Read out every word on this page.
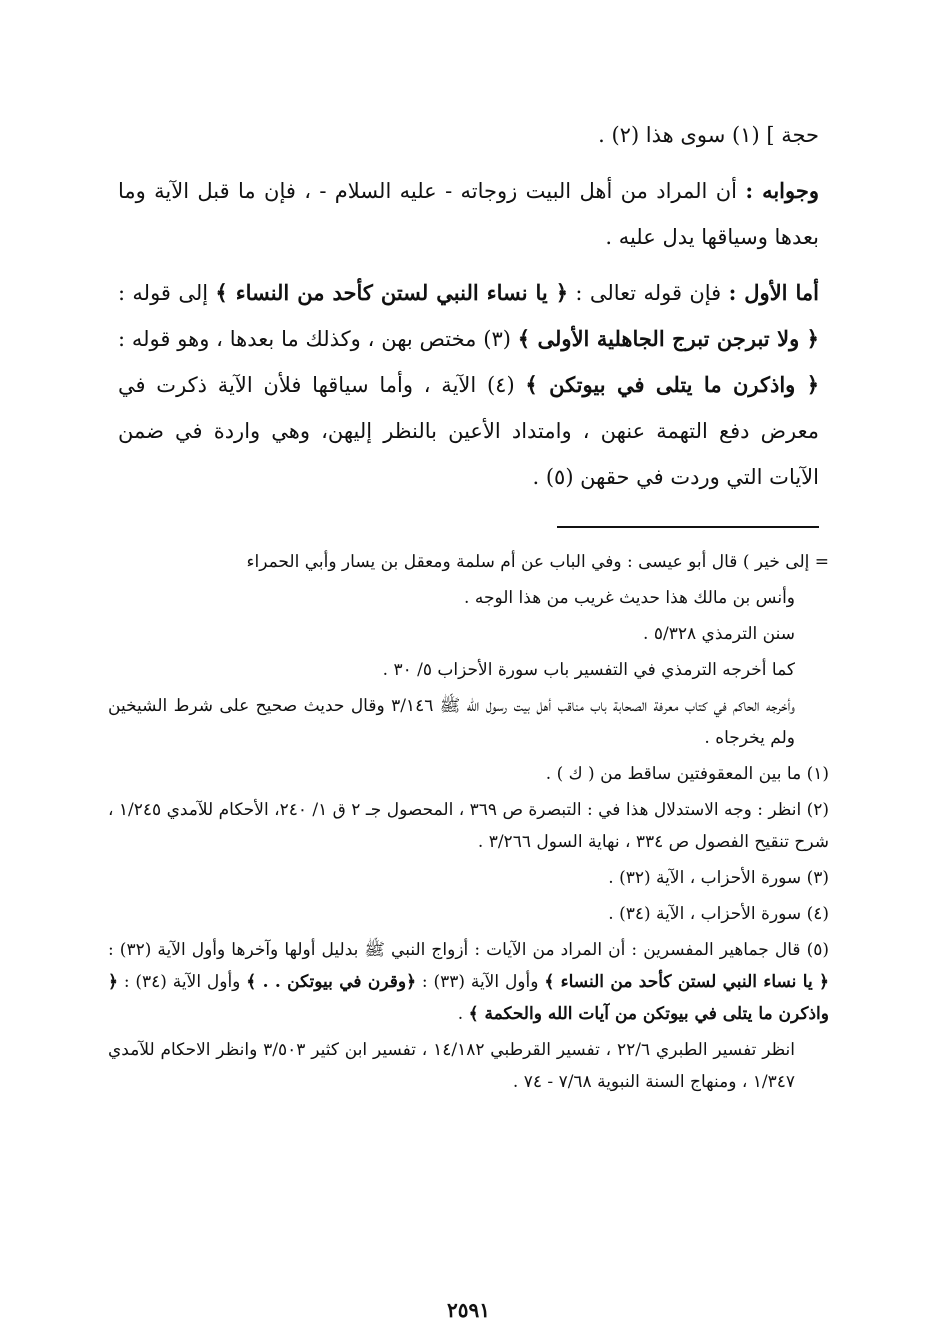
حجة ] (١) سوى هذا (٢) .

وجوابه : أن المراد من أهل البيت زوجاته - عليه السلام - ، فإن ما قبل الآية وما بعدها وسياقها يدل عليه .

أما الأول : فإن قوله تعالى : ﴿ يا نساء النبي لستن كأحد من النساء ﴾ إلى قوله : ﴿ ولا تبرجن تبرج الجاهلية الأولى ﴾ (٣) مختص بهن ، وكذلك ما بعدها ، وهو قوله : ﴿ واذكرن ما يتلى في بيوتكن ﴾ (٤) الآية ، وأما سياقها فلأن الآية ذكرت في معرض دفع التهمة عنهن ، وامتداد الأعين بالنظر إليهن، وهي واردة في ضمن الآيات التي وردت في حقهن (٥) .

= إلى خير ) قال أبو عيسى : وفي الباب عن أم سلمة ومعقل بن يسار وأبي الحمراء

وأنس بن مالك هذا حديث غريب من هذا الوجه .

سنن الترمذي ٥/٣٢٨ .

كما أخرجه الترمذي في التفسير باب سورة الأحزاب ٥/ ٣٠ .

وأخرجه الحاكم في كتاب معرفة الصحابة باب مناقب أهل بيت رسول الله ﷺ ٣/١٤٦ وقال حديث صحيح على شرط الشيخين ولم يخرجاه .

(١) ما بين المعقوفتين ساقط من ( ك ) .

(٢) انظر : وجه الاستدلال هذا في : التبصرة ص ٣٦٩ ، المحصول جـ ٢ ق ١/ ٢٤٠، الأحكام للآمدي ١/٢٤٥ ، شرح تنقيح الفصول ص ٣٣٤ ، نهاية السول ٣/٢٦٦ .

(٣) سورة الأحزاب ، الآية (٣٢) .

(٤) سورة الأحزاب ، الآية (٣٤) .

(٥) قال جماهير المفسرين : أن المراد من الآيات : أزواج النبي ﷺ بدليل أولها وآخرها وأول الآية (٣٢) : ﴿ يا نساء النبي لستن كأحد من النساء ﴾ وأول الآية (٣٣) : ﴿وقرن في بيوتكن . . ﴾ وأول الآية (٣٤) : ﴿ واذكرن ما يتلى في بيوتكن من آيات الله والحكمة ﴾ .

انظر تفسير الطبري ٢٢/٦ ، تفسير القرطبي ١٤/١٨٢ ، تفسير ابن كثير ٣/٥٠٣ وانظر الاحكام للآمدي ١/٣٤٧ ، ومنهاج السنة النبوية ٧/٦٨ - ٧٤ .

٢٥٩١
